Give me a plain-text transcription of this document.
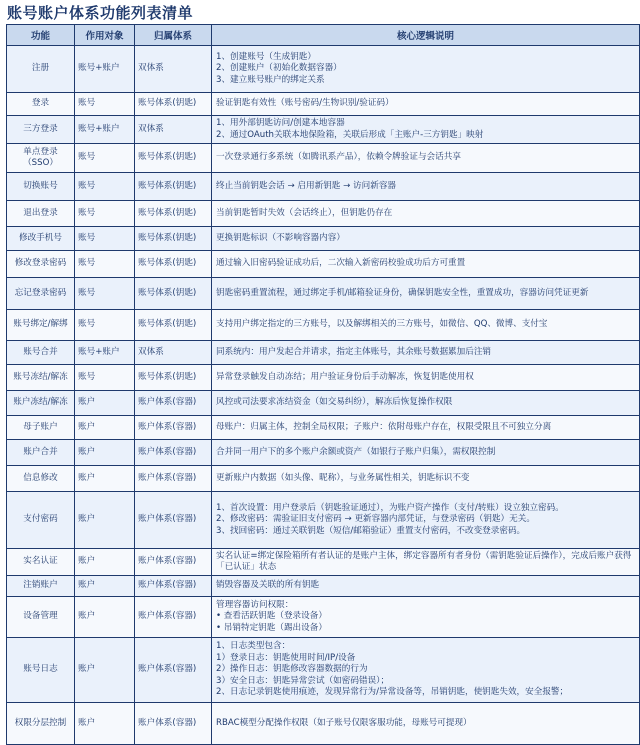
账号账户体系功能列表清单
功能	作用对象	归属体系	核心逻辑说明
注册	账号+账户	双体系	1、创建账号（生成钥匙）
2、创建账户（初始化数据容器）
3、建立账号账户的绑定关系
登录	账号	账号体系(钥匙)	验证钥匙有效性（账号密码/生物识别/验证码）
三方登录	账号+账户	双体系	1、用外部钥匙访问/创建本地容器
2、通过OAuth关联本地保险箱，关联后形成「主账户-三方钥匙」映射
单点登录
（SSO）	账号	账号体系(钥匙)	一次登录通行多系统（如腾讯系产品），依赖令牌验证与会话共享
切换账号	账号	账号体系(钥匙)	终止当前钥匙会话 → 启用新钥匙 → 访问新容器
退出登录	账号	账号体系(钥匙)	当前钥匙暂时失效（会话终止），但钥匙仍存在
修改手机号	账号	账号体系(钥匙)	更换钥匙标识（不影响容器内容）
修改登录密码	账号	账号体系(钥匙)	通过输入旧密码验证成功后，二次输入新密码校验成功后方可重置
忘记登录密码	账号	账号体系(钥匙)	钥匙密码重置流程，通过绑定手机/邮箱验证身份，确保钥匙安全性，重置成功，容器访问凭证更新
账号绑定/解绑	账号	账号体系(钥匙)	支持用户绑定指定的三方账号，以及解绑相关的三方账号，如微信、QQ、微博、支付宝
账号合并	账号+账户	双体系	同系统内：用户发起合并请求，指定主体账号，其余账号数据累加后注销
账号冻结/解冻	账号	账号体系(钥匙)	异常登录触发自动冻结；用户验证身份后手动解冻，恢复钥匙使用权
账户冻结/解冻	账户	账户体系(容器)	风控或司法要求冻结资金（如交易纠纷），解冻后恢复操作权限
母子账户	账户	账户体系(容器)	母账户：归属主体，控制全局权限；子账户：依附母账户存在，权限受限且不可独立分离
账户合并	账户	账户体系(容器)	合并同一用户下的多个账户余额或资产（如银行子账户归集），需权限控制
信息修改	账户	账户体系(容器)	更新账户内数据（如头像、昵称），与业务属性相关，钥匙标识不变
支付密码	账户	账户体系(容器)	1、首次设置：用户登录后（钥匙验证通过），为账户资产操作（支付/转账）设立独立密码。
2、修改密码：需验证旧支付密码 → 更新容器内部凭证，与登录密码（钥匙）无关。
3、找回密码：通过关联钥匙（短信/邮箱验证）重置支付密码，不改变登录密码。
实名认证	账户	账户体系(容器)	实名认证=绑定保险箱所有者认证的是账户主体，绑定容器所有者身份（需钥匙验证后操作），完成后账户获得「已认证」状态
注销账户	账户	账户体系(容器)	销毁容器及关联的所有钥匙
设备管理	账户	账户体系(容器)	管理容器访问权限：
• 查看活跃钥匙（登录设备）
• 吊销特定钥匙（踢出设备）
账号日志	账户	账户体系(容器)	1、日志类型包含：
1）登录日志：钥匙使用时间/IP/设备
2）操作日志：钥匙修改容器数据的行为
3）安全日志：钥匙异常尝试（如密码错误）；
2、日志记录钥匙使用痕迹，发现异常行为/异常设备等，吊销钥匙，使钥匙失效，安全报警；
权限分层控制	账户	账户体系(容器)	RBAC模型分配操作权限（如子账号仅限客服功能，母账号可提现）
